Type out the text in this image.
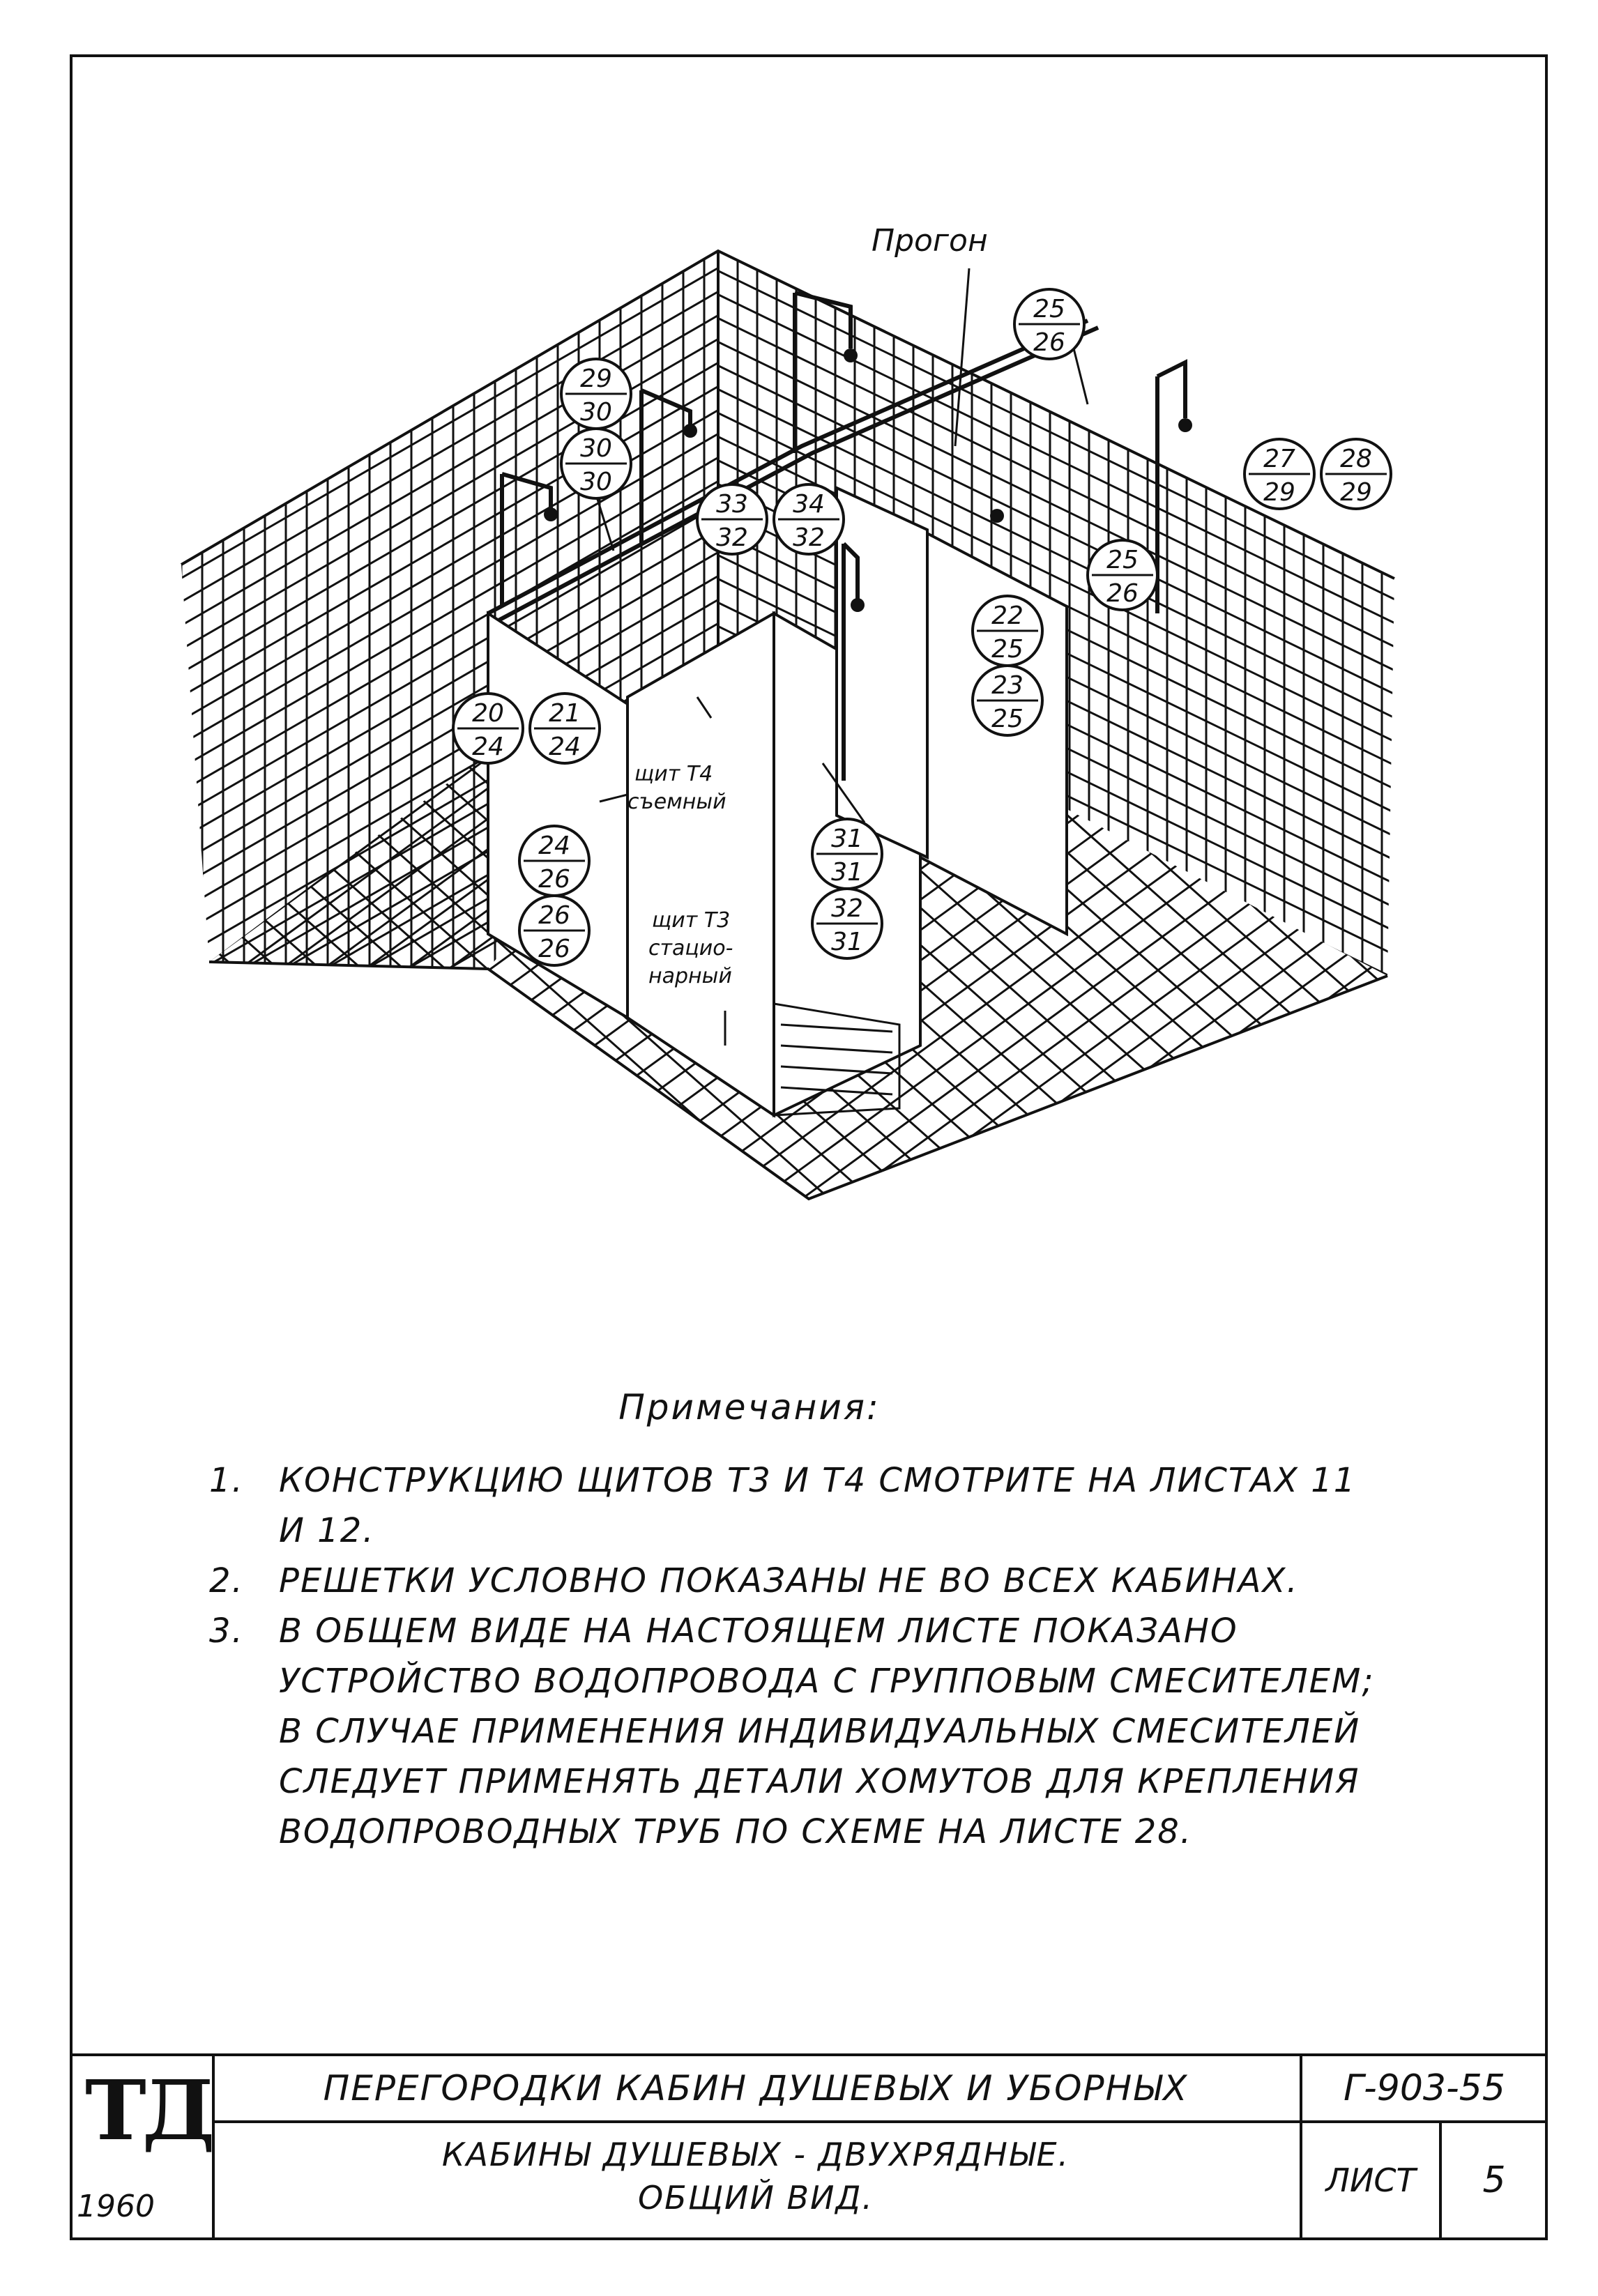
Прогон
щит Т4
съемный
щит Т3
стацио-
нарный
25
26
29
30
30
30
33
32
34
32
27
29
28
29
25
26
22
25
23
25
20
24
21
24
24
26
26
26
31
31
32
31
Примечания:
1.	КОНСТРУКЦИЮ ЩИТОВ Т3 И Т4 СМОТРИТЕ НА ЛИСТАХ 11 И 12.
2.	РЕШЕТКИ УСЛОВНО ПОКАЗАНЫ НЕ ВО ВСЕХ КАБИНАХ.
3.	В ОБЩЕМ ВИДЕ НА НАСТОЯЩЕМ ЛИСТЕ ПОКАЗАНО УСТРОЙСТВО ВОДОПРОВОДА С ГРУППОВЫМ СМЕСИТЕЛЕМ; В СЛУЧАЕ ПРИМЕНЕНИЯ ИНДИВИДУАЛЬНЫХ СМЕСИТЕЛЕЙ СЛЕДУЕТ ПРИМЕНЯТЬ ДЕТАЛИ ХОМУТОВ ДЛЯ КРЕПЛЕНИЯ ВОДОПРОВОДНЫХ ТРУБ ПО СХЕМЕ НА ЛИСТЕ 28.
ТД
1960
ПЕРЕГОРОДКИ КАБИН ДУШЕВЫХ И УБОРНЫХ
КАБИНЫ ДУШЕВЫХ - ДВУХРЯДНЫЕ.
ОБЩИЙ ВИД.
Г-903-55
ЛИСТ	5
